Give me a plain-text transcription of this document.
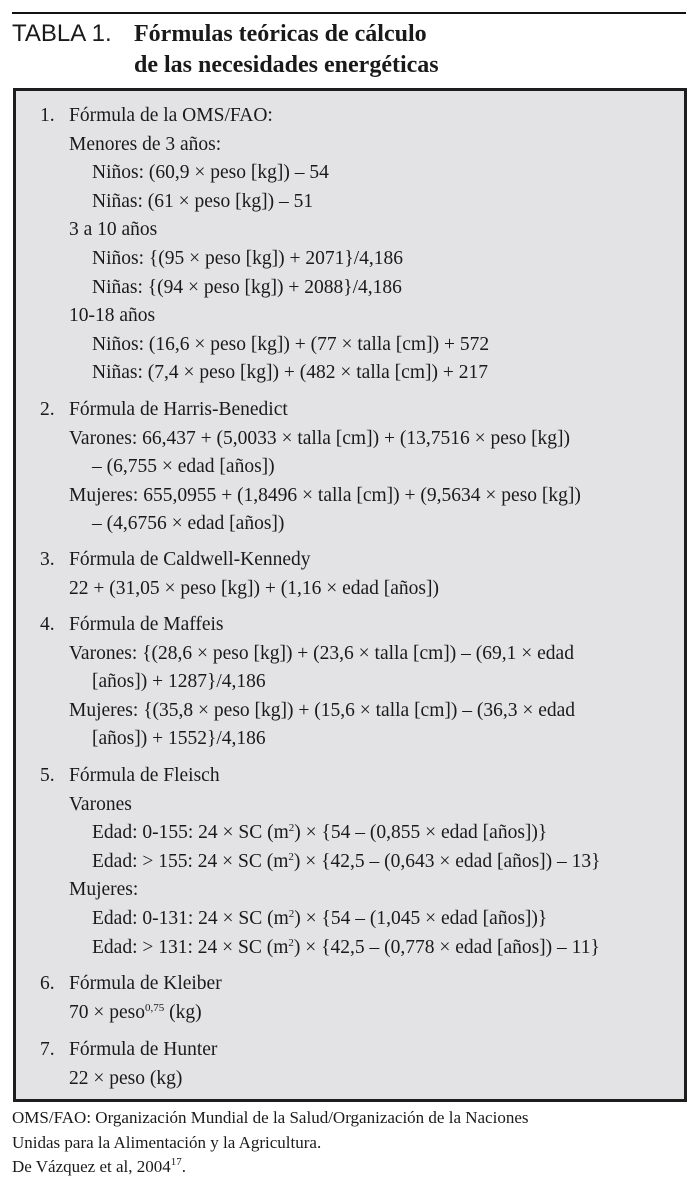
TABLA 1. Fórmulas teóricas de cálculo
de las necesidades energéticas
1. Fórmula de la OMS/FAO:
Menores de 3 años:
Niños: (60,9 × peso [kg]) – 54
Niñas: (61 × peso [kg]) – 51
3 a 10 años
Niños: {(95 × peso [kg]) + 2071}/4,186
Niñas: {(94 × peso [kg]) + 2088}/4,186
10-18 años
Niños: (16,6 × peso [kg]) + (77 × talla [cm]) + 572
Niñas: (7,4 × peso [kg]) + (482 × talla [cm]) + 217
2. Fórmula de Harris-Benedict
Varones: 66,437 + (5,0033 × talla [cm]) + (13,7516 × peso [kg])
– (6,755 × edad [años])
Mujeres: 655,0955 + (1,8496 × talla [cm]) + (9,5634 × peso [kg])
– (4,6756 × edad [años])
3. Fórmula de Caldwell-Kennedy
22 + (31,05 × peso [kg]) + (1,16 × edad [años])
4. Fórmula de Maffeis
Varones: {(28,6 × peso [kg]) + (23,6 × talla [cm]) – (69,1 × edad
[años]) + 1287}/4,186
Mujeres: {(35,8 × peso [kg]) + (15,6 × talla [cm]) – (36,3 × edad
[años]) + 1552}/4,186
5. Fórmula de Fleisch
Varones
Edad: 0-155: 24 × SC $(m^2) \times \{54 - (0,855$ × edad [años])}
Edad: > 155: 24 × SC $(m^2) \times \{42,5 - (0,643$ × edad [años]) – 13}
Mujeres:
Edad: 0-131: 24 × SC $(m^2) \times \{54 - (1,045$ × edad [años])}
Edad: > 131: 24 × SC $(m^2) \times \{42,5 - (0,778$ × edad [años]) – 11}
6. Fórmula de Kleiber
70 × peso$^{0,75}$ (kg)
7. Fórmula de Hunter
22 × peso (kg)
OMS/FAO: Organización Mundial de la Salud/Organización de la Naciones
Unidas para la Alimentación y la Agricultura.
De Vázquez et al, 2004$^{17}$.
